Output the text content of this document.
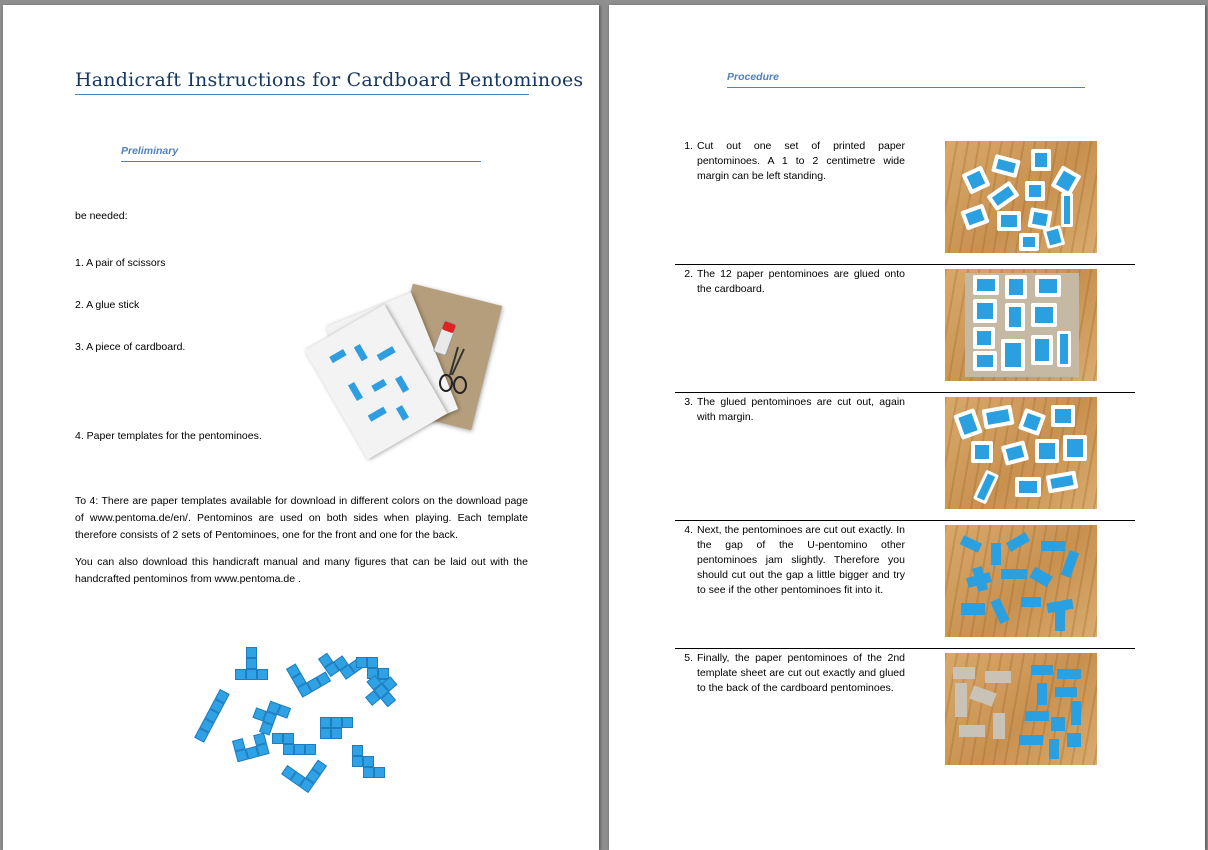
Handicraft Instructions for Cardboard Pentominoes
Preliminary
be needed:
1. A pair of scissors
2. A glue stick
3. A piece of cardboard.
4. Paper templates for the pentominoes.
To 4: There are paper templates available for download in different colors on the download page of www.pentoma.de/en/. Pentominos are used on both sides when playing. Each template therefore consists of 2 sets of Pentominoes, one for the front and one for the back.
You can also download this handicraft manual and many figures that can be laid out with the handcrafted pentominos from www.pentoma.de .
Procedure
1. Cut out one set of printed paper pentominoes. A 1 to 2 centimetre wide margin can be left standing.
2. The 12 paper pentominoes are glued onto the cardboard.
3. The glued pentominoes are cut out, again with margin.
4. Next, the pentominoes are cut out exactly. In the gap of the U-pentomino other pentominoes jam slightly. Therefore you should cut out the gap a little bigger and try to see if the other pentominoes fit into it.
5. Finally, the paper pentominoes of the 2nd template sheet are cut out exactly and glued to the back of the cardboard pentominoes.
